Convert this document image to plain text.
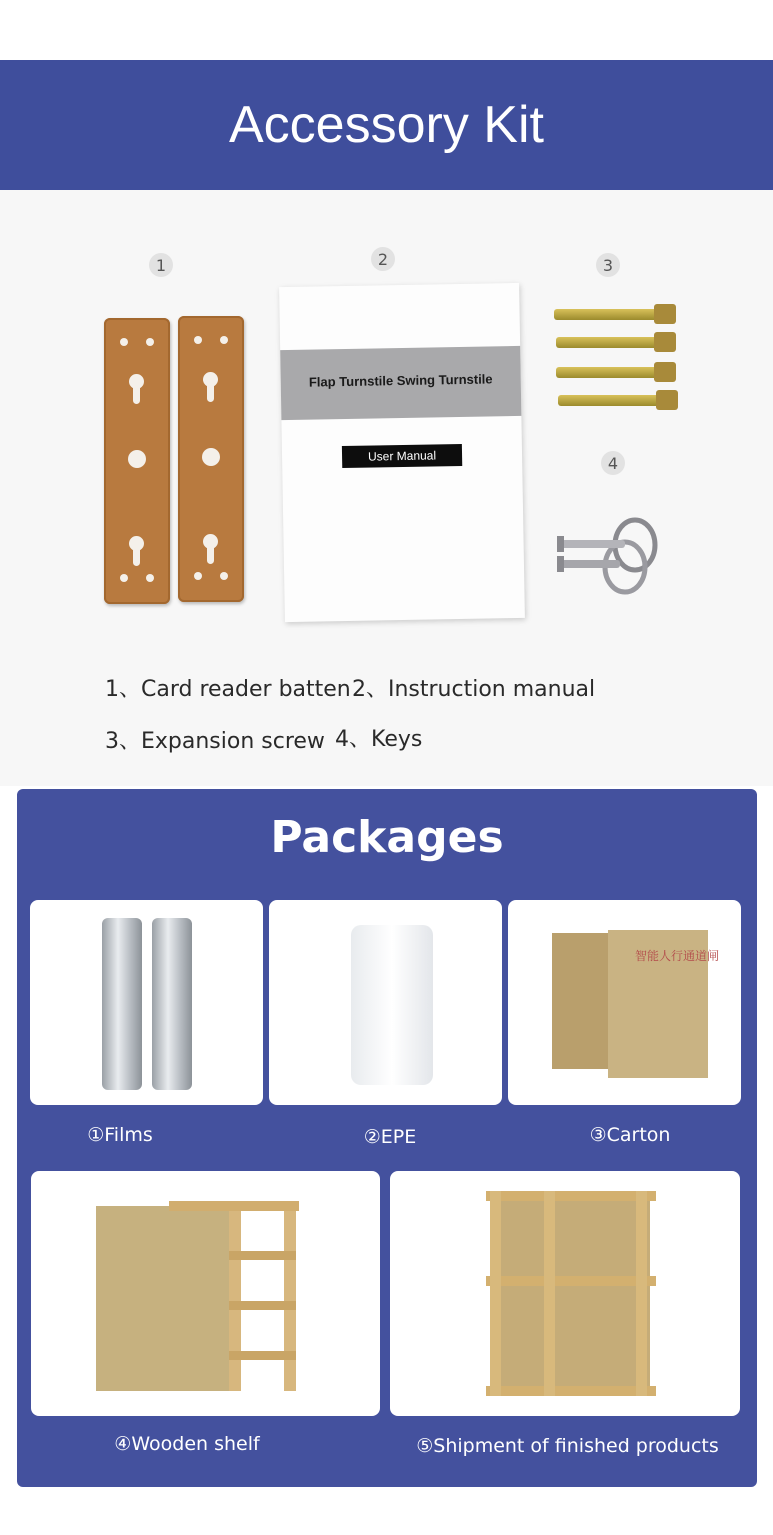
Accessory Kit
1	2	3
4
Flap Turnstile Swing Turnstile
User Manual
1、Card reader batten 2、Instruction manual
3、Expansion screw 4、Keys
Packages
智能人行通道闸
①Films	②EPE	③Carton
④Wooden shelf	⑤Shipment of finished products
